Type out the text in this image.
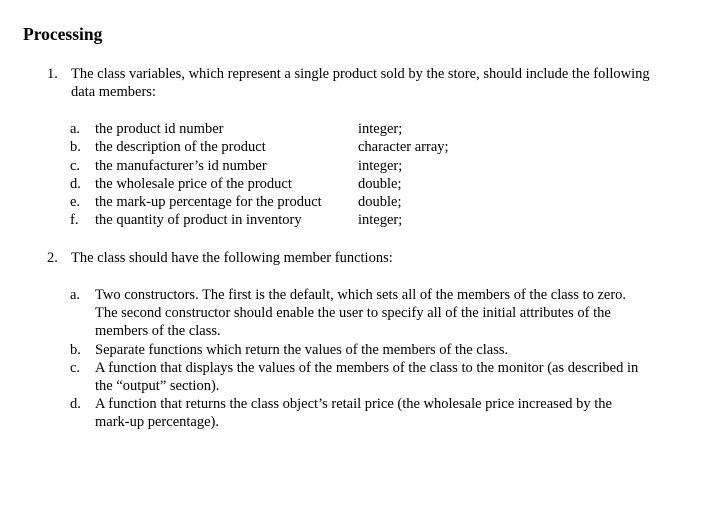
Processing
1. The class variables, which represent a single product sold by the store, should include the following data members:
a. the product id number	integer;
b. the description of the product	character array;
c. the manufacturer’s id number	integer;
d. the wholesale price of the product	double;
e. the mark-up percentage for the product	double;
f. the quantity of product in inventory	integer;
2. The class should have the following member functions:
a. Two constructors. The first is the default, which sets all of the members of the class to zero. The second constructor should enable the user to specify all of the initial attributes of the members of the class.
b. Separate functions which return the values of the members of the class.
c. A function that displays the values of the members of the class to the monitor (as described in the “output” section).
d. A function that returns the class object’s retail price (the wholesale price increased by the mark-up percentage).
